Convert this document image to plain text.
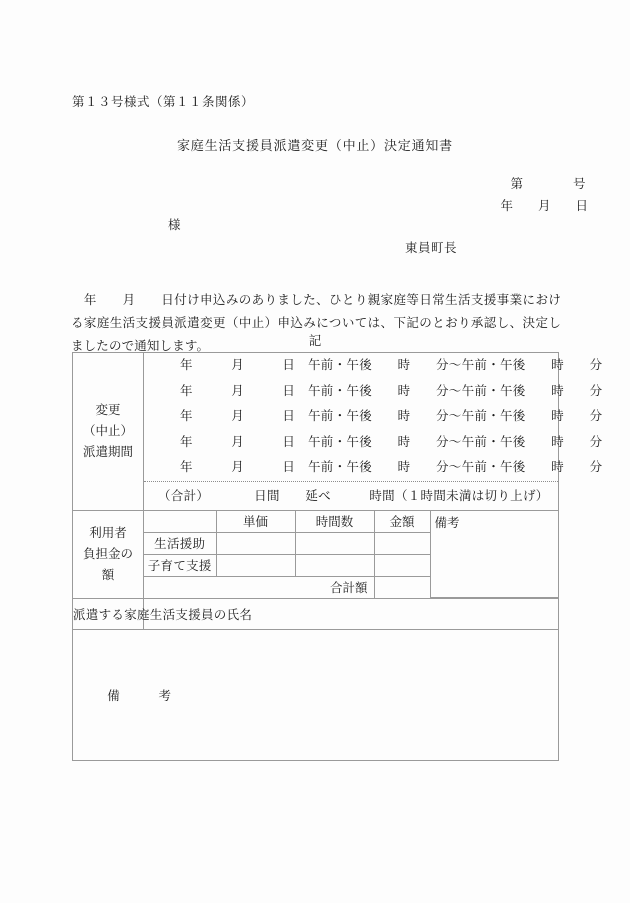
第１３号様式（第１１条関係）
家庭生活支援員派遣変更（中止）決定通知書
第　　　　号
年　　月　　日
様
東員町長

　年　　月　　日付け申込みのありました、ひとり親家庭等日常生活支援事業における家庭生活支援員派遣変更（中止）申込みについては、下記のとおり承認し、決定しましたので通知します。	記
変更
（中止）
派遣期間

年　　　月　　　日　午前・午後　　時　　分〜午前・午後　　時　　分
年　　　月　　　日　午前・午後　　時　　分〜午前・午後　　時　　分
年　　　月　　　日　午前・午後　　時　　分〜午前・午後　　時　　分
年　　　月　　　日　午前・午後　　時　　分〜午前・午後　　時　　分
年　　　月　　　日　午前・午後　　時　　分〜午前・午後　　時　　分
（合計）　　　　日間　　延べ　　　時間（１時間未満は切り上げ）

利用者
負担金の
額

	単価	時間数	金額	備考
生活援助			
子育て支援			
合計額	

派遣する家庭生活支援員の氏名	

備　　　考
